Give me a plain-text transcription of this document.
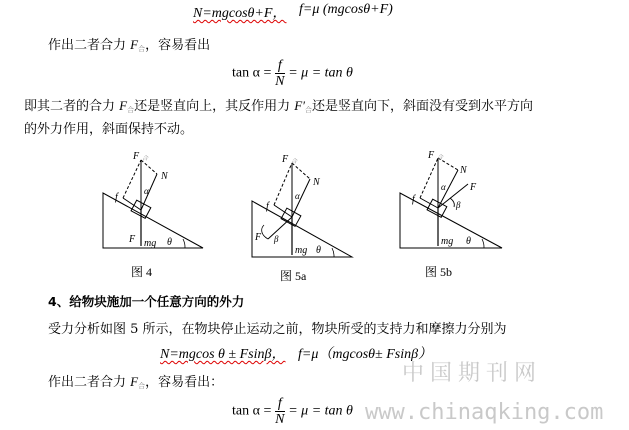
N=mgcosθ+F， f=μ (mgcosθ+F)
作出二者合力 $F_合$，容易看出
$\tan \alpha = \frac{f}{N} = \mu = \tan \theta$
即其二者的合力 $F_合$还是竖直向上，其反作用力 $F'_合$还是竖直向下，斜面没有受到水平方向
的外力作用，斜面保持不动。
F 合
N
f
α
F mg θ
图 4
F 合
N
f
α
F β
mg θ
图 5a
F 合
N
F
f
α
β
mg θ
图 5b
4、给物块施加一个任意方向的外力
受力分析如图 5 所示，在物块停止运动之前，物块所受的支持力和摩擦力分别为
N=mgcos θ ± Fsinβ， f=μ（mgcosθ± Fsinβ）
作出二者合力 $F_合$，容易看出：
$\tan \alpha = \frac{f}{N} = \mu = \tan \theta$
中国期刊网
www.chinaqking.com
